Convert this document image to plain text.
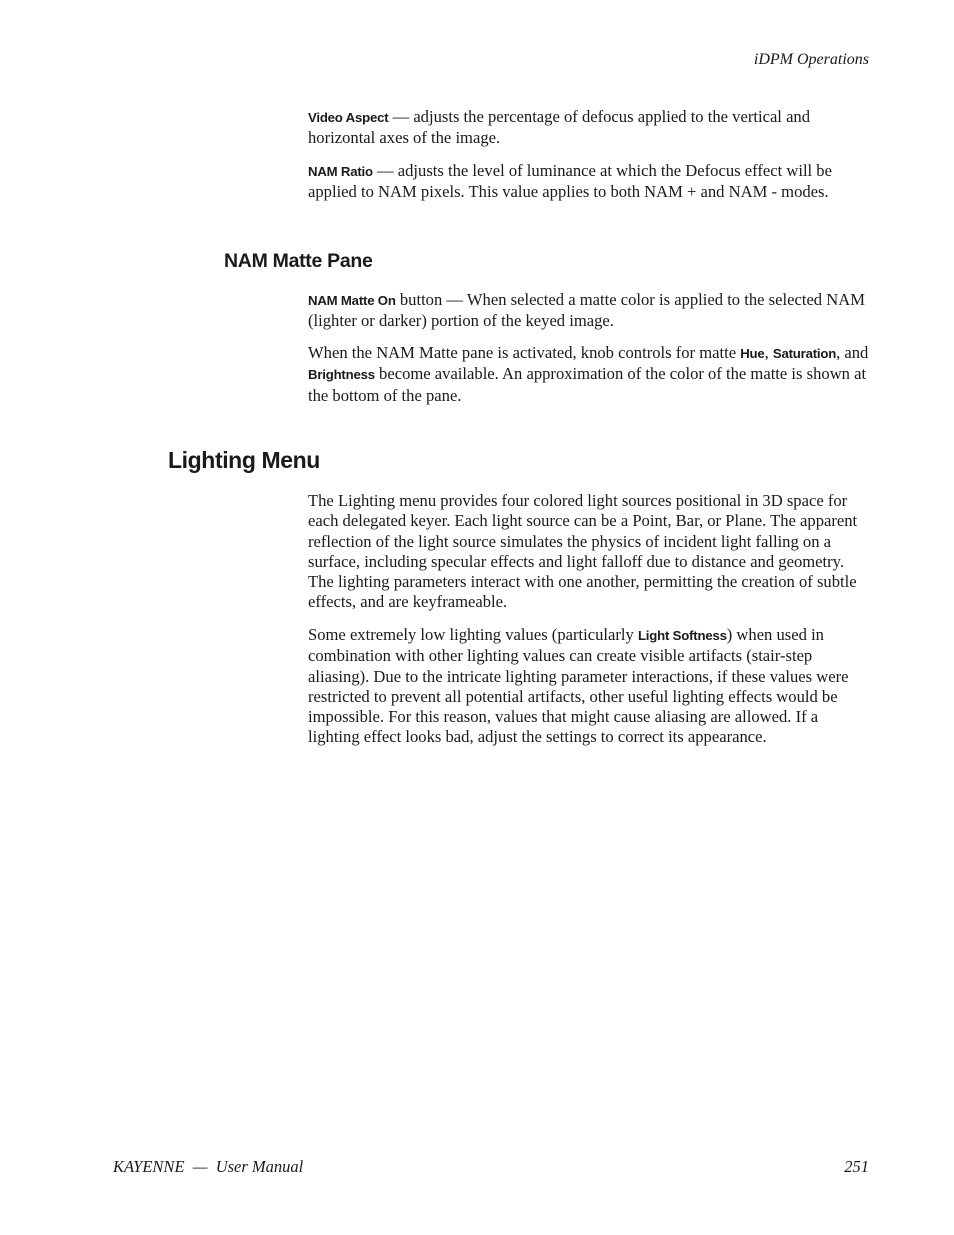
iDPM Operations

Video Aspect — adjusts the percentage of defocus applied to the vertical and horizontal axes of the image.

NAM Ratio — adjusts the level of luminance at which the Defocus effect will be applied to NAM pixels. This value applies to both NAM + and NAM - modes.

NAM Matte Pane

NAM Matte On button — When selected a matte color is applied to the selected NAM (lighter or darker) portion of the keyed image.

When the NAM Matte pane is activated, knob controls for matte Hue, Saturation, and Brightness become available. An approximation of the color of the matte is shown at the bottom of the pane.

Lighting Menu

The Lighting menu provides four colored light sources positional in 3D space for each delegated keyer. Each light source can be a Point, Bar, or Plane. The apparent reflection of the light source simulates the physics of incident light falling on a surface, including specular effects and light falloff due to distance and geometry. The lighting parameters interact with one another, permitting the creation of subtle effects, and are keyframeable.

Some extremely low lighting values (particularly Light Softness) when used in combination with other lighting values can create visible artifacts (stair-step aliasing). Due to the intricate lighting parameter interactions, if these values were restricted to prevent all potential artifacts, other useful lighting effects would be impossible. For this reason, values that might cause aliasing are allowed. If a lighting effect looks bad, adjust the settings to correct its appearance.

KAYENNE  —  User Manual	251
